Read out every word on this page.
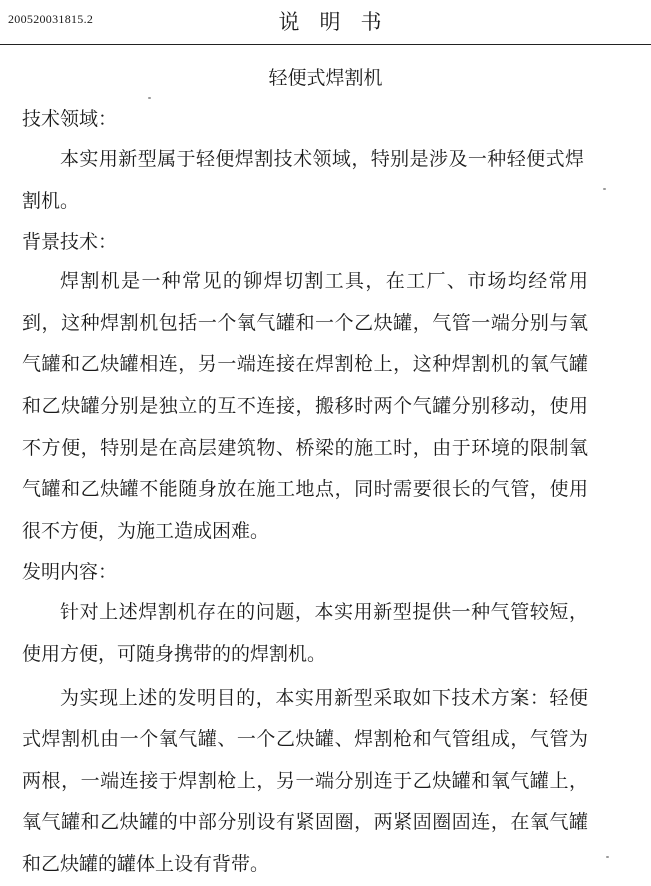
200520031815.2	说明书
轻便式焊割机
技术领域：

本实用新型属于轻便焊割技术领域，特别是涉及一种轻便式焊割机。

背景技术：

焊割机是一种常见的铆焊切割工具，在工厂、市场均经常用到，这种焊割机包括一个氧气罐和一个乙炔罐，气管一端分别与氧气罐和乙炔罐相连，另一端连接在焊割枪上，这种焊割机的氧气罐和乙炔罐分别是独立的互不连接，搬移时两个气罐分别移动，使用不方便，特别是在高层建筑物、桥梁的施工时，由于环境的限制氧气罐和乙炔罐不能随身放在施工地点，同时需要很长的气管，使用很不方便，为施工造成困难。

发明内容：

针对上述焊割机存在的问题，本实用新型提供一种气管较短，使用方便，可随身携带的的焊割机。

为实现上述的发明目的，本实用新型采取如下技术方案：轻便式焊割机由一个氧气罐、一个乙炔罐、焊割枪和气管组成，气管为两根，一端连接于焊割枪上，另一端分别连于乙炔罐和氧气罐上，氧气罐和乙炔罐的中部分别设有紧固圈，两紧固圈固连，在氧气罐和乙炔罐的罐体上设有背带。
